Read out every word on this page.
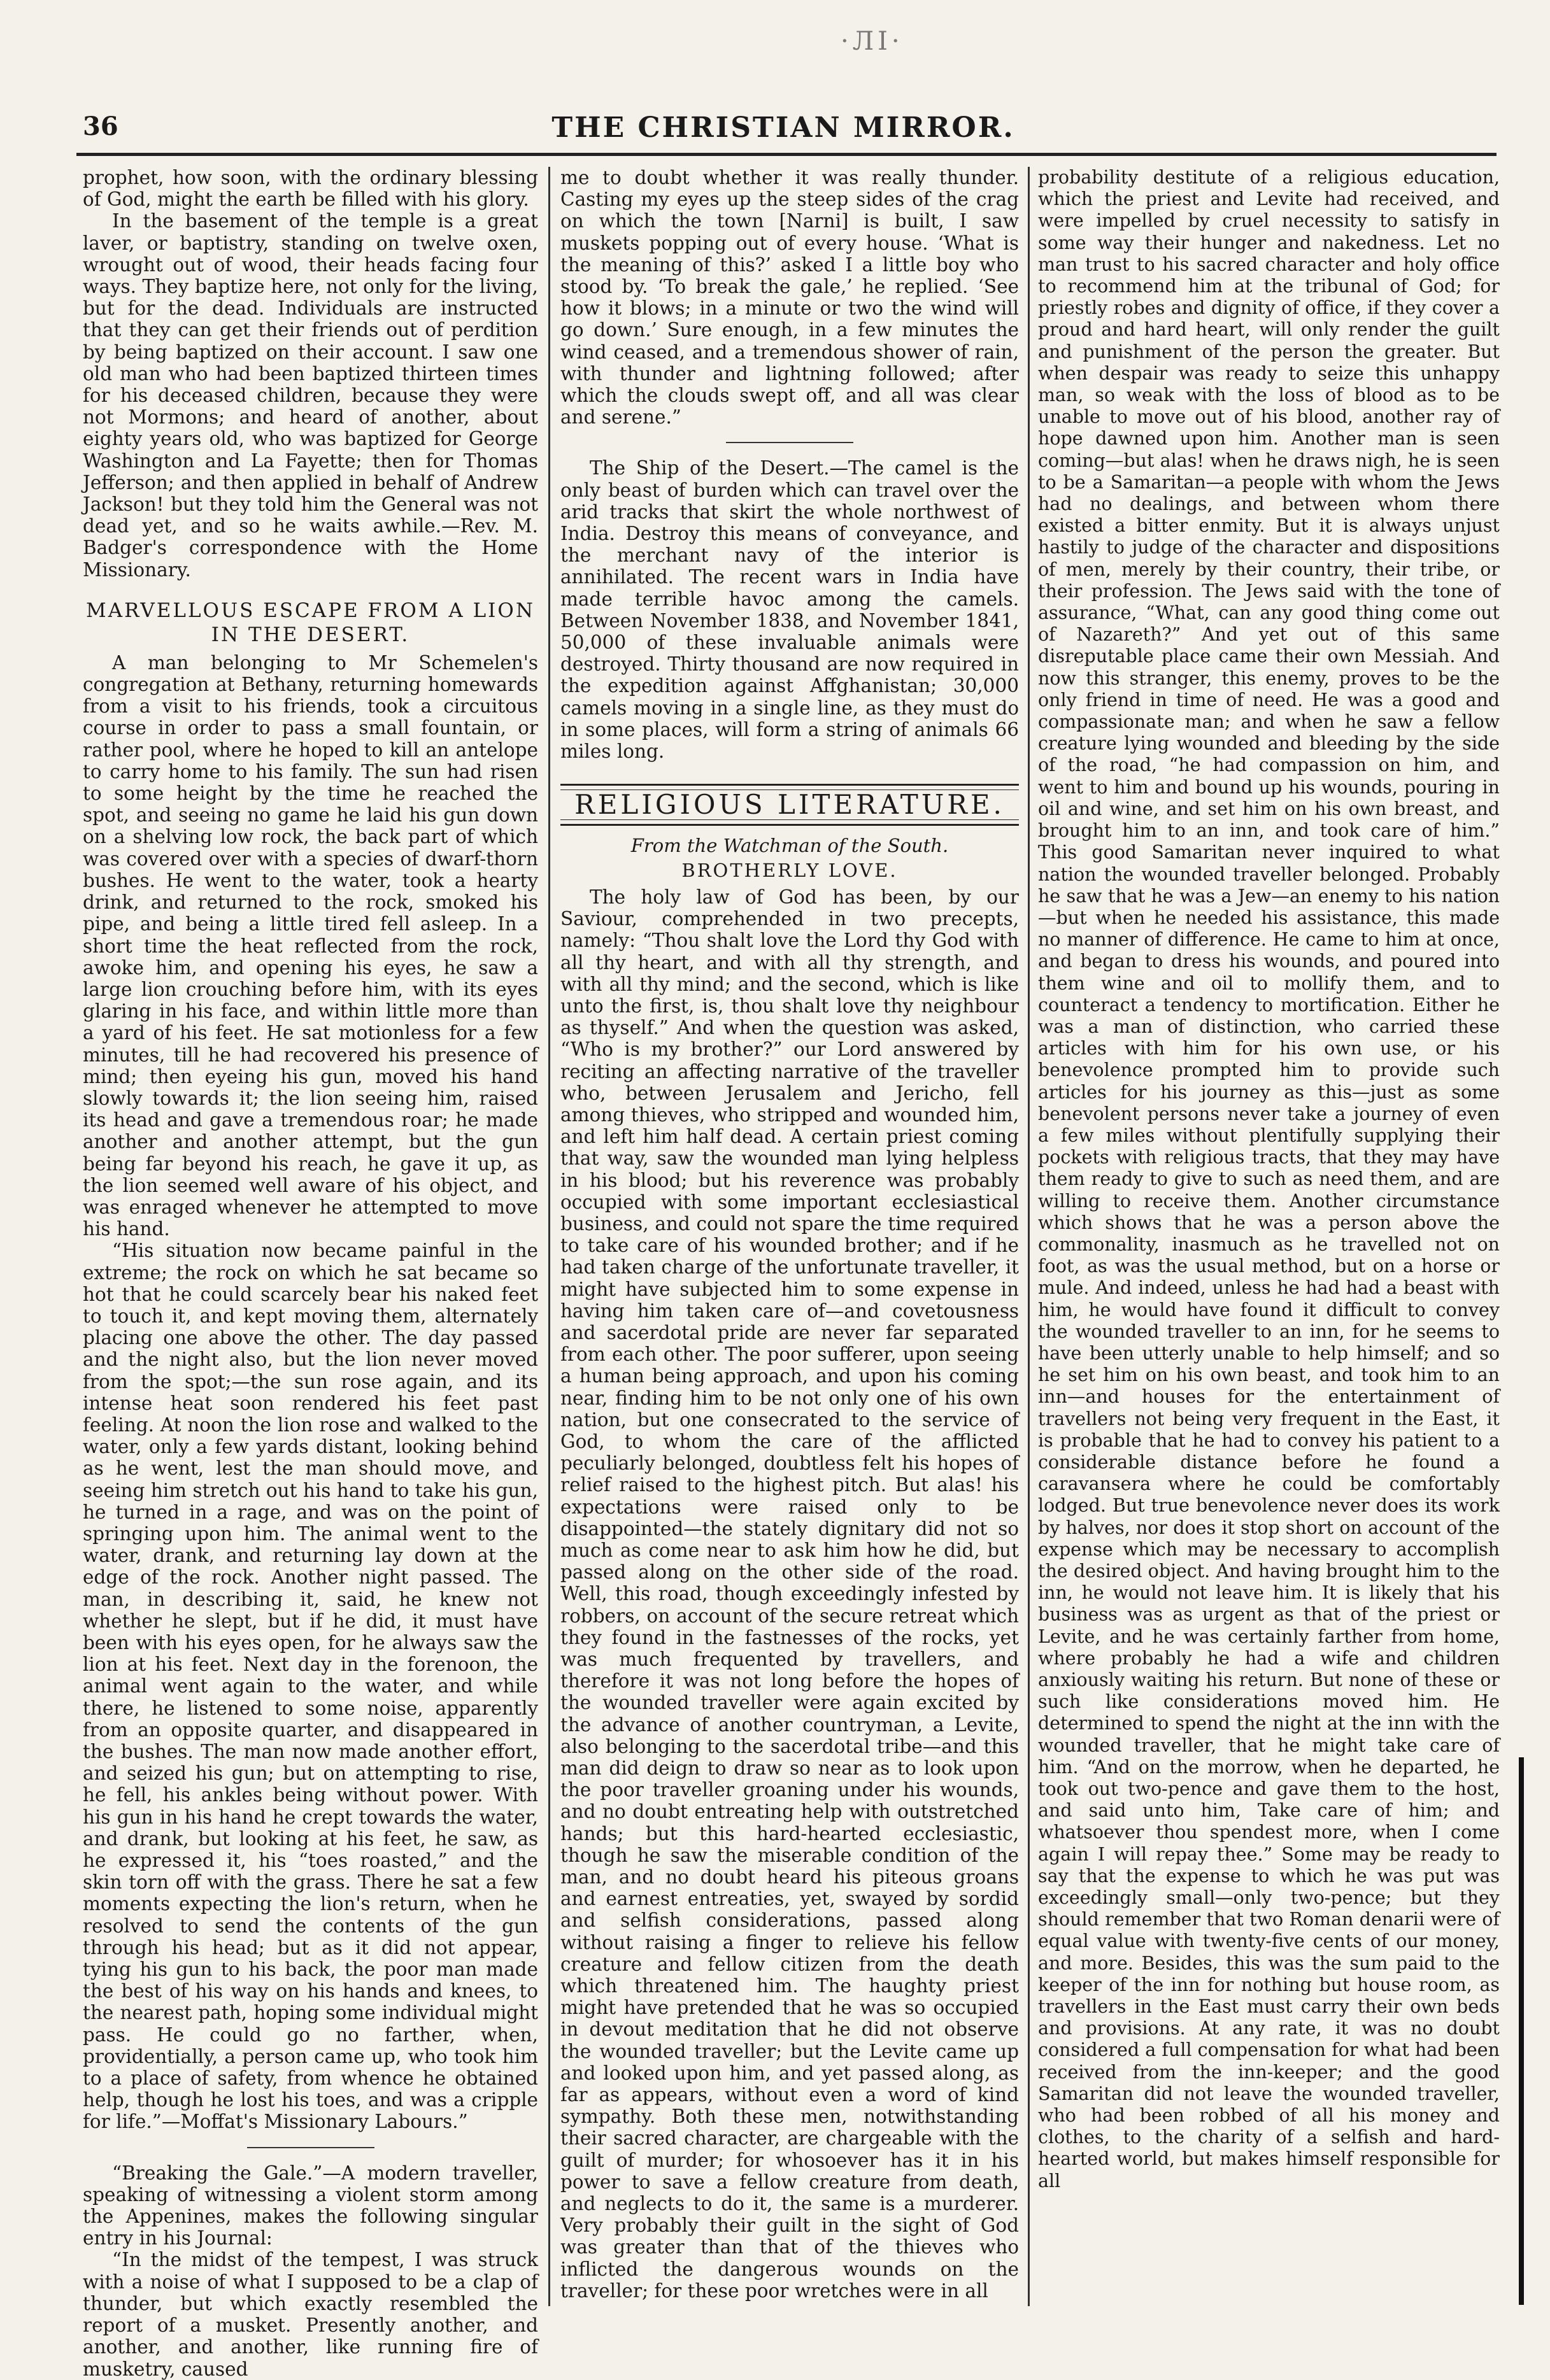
·ЛІ·
36	THE CHRISTIAN MIRROR.

prophet, how soon, with the ordinary blessing of God, might the earth be filled with his glory.

In the basement of the temple is a great laver, or baptistry, standing on twelve oxen, wrought out of wood, their heads facing four ways. They baptize here, not only for the living, but for the dead. Individuals are instructed that they can get their friends out of perdition by being baptized on their account. I saw one old man who had been baptized thirteen times for his deceased children, because they were not Mormons; and heard of another, about eighty years old, who was baptized for George Washington and La Fayette; then for Thomas Jefferson; and then applied in behalf of Andrew Jackson! but they told him the General was not dead yet, and so he waits awhile.—Rev. M. Badger's correspondence with the Home Missionary.

MARVELLOUS ESCAPE FROM A LION IN THE DESERT.

A man belonging to Mr Schemelen's congregation at Bethany, returning homewards from a visit to his friends, took a circuitous course in order to pass a small fountain, or rather pool, where he hoped to kill an antelope to carry home to his family. The sun had risen to some height by the time he reached the spot, and seeing no game he laid his gun down on a shelving low rock, the back part of which was covered over with a species of dwarf-thorn bushes. He went to the water, took a hearty drink, and returned to the rock, smoked his pipe, and being a little tired fell asleep. In a short time the heat reflected from the rock, awoke him, and opening his eyes, he saw a large lion crouching before him, with its eyes glaring in his face, and within little more than a yard of his feet. He sat motionless for a few minutes, till he had recovered his presence of mind; then eyeing his gun, moved his hand slowly towards it; the lion seeing him, raised its head and gave a tremendous roar; he made another and another attempt, but the gun being far beyond his reach, he gave it up, as the lion seemed well aware of his object, and was enraged whenever he attempted to move his hand.

“His situation now became painful in the extreme; the rock on which he sat became so hot that he could scarcely bear his naked feet to touch it, and kept moving them, alternately placing one above the other. The day passed and the night also, but the lion never moved from the spot;—the sun rose again, and its intense heat soon rendered his feet past feeling. At noon the lion rose and walked to the water, only a few yards distant, looking behind as he went, lest the man should move, and seeing him stretch out his hand to take his gun, he turned in a rage, and was on the point of springing upon him. The animal went to the water, drank, and returning lay down at the edge of the rock. Another night passed. The man, in describing it, said, he knew not whether he slept, but if he did, it must have been with his eyes open, for he always saw the lion at his feet. Next day in the forenoon, the animal went again to the water, and while there, he listened to some noise, apparently from an opposite quarter, and disappeared in the bushes. The man now made another effort, and seized his gun; but on attempting to rise, he fell, his ankles being without power. With his gun in his hand he crept towards the water, and drank, but looking at his feet, he saw, as he expressed it, his “toes roasted,” and the skin torn off with the grass. There he sat a few moments expecting the lion's return, when he resolved to send the contents of the gun through his head; but as it did not appear, tying his gun to his back, the poor man made the best of his way on his hands and knees, to the nearest path, hoping some individual might pass. He could go no farther, when, providentially, a person came up, who took him to a place of safety, from whence he obtained help, though he lost his toes, and was a cripple for life.”—Moffat's Missionary Labours.”

“Breaking the Gale.”—A modern traveller, speaking of witnessing a violent storm among the Appenines, makes the following singular entry in his Journal:

“In the midst of the tempest, I was struck with a noise of what I supposed to be a clap of thunder, but which exactly resembled the report of a musket. Presently another, and another, and another, like running fire of musketry, caused

me to doubt whether it was really thunder. Casting my eyes up the steep sides of the crag on which the town [Narni] is built, I saw muskets popping out of every house. ‘What is the meaning of this?’ asked I a little boy who stood by. ‘To break the gale,’ he replied. ‘See how it blows; in a minute or two the wind will go down.’ Sure enough, in a few minutes the wind ceased, and a tremendous shower of rain, with thunder and lightning followed; after which the clouds swept off, and all was clear and serene.”

The Ship of the Desert.—The camel is the only beast of burden which can travel over the arid tracks that skirt the whole northwest of India. Destroy this means of conveyance, and the merchant navy of the interior is annihilated. The recent wars in India have made terrible havoc among the camels. Between November 1838, and November 1841, 50,000 of these invaluable animals were destroyed. Thirty thousand are now required in the expedition against Affghanistan; 30,000 camels moving in a single line, as they must do in some places, will form a string of animals 66 miles long.

RELIGIOUS LITERATURE.
From the Watchman of the South.
BROTHERLY LOVE.

The holy law of God has been, by our Saviour, comprehended in two precepts, namely: “Thou shalt love the Lord thy God with all thy heart, and with all thy strength, and with all thy mind; and the second, which is like unto the first, is, thou shalt love thy neighbour as thyself.” And when the question was asked, “Who is my brother?” our Lord answered by reciting an affecting narrative of the traveller who, between Jerusalem and Jericho, fell among thieves, who stripped and wounded him, and left him half dead. A certain priest coming that way, saw the wounded man lying helpless in his blood; but his reverence was probably occupied with some important ecclesiastical business, and could not spare the time required to take care of his wounded brother; and if he had taken charge of the unfortunate traveller, it might have subjected him to some expense in having him taken care of—and covetousness and sacerdotal pride are never far separated from each other. The poor sufferer, upon seeing a human being approach, and upon his coming near, finding him to be not only one of his own nation, but one consecrated to the service of God, to whom the care of the afflicted peculiarly belonged, doubtless felt his hopes of relief raised to the highest pitch. But alas! his expectations were raised only to be disappointed—the stately dignitary did not so much as come near to ask him how he did, but passed along on the other side of the road. Well, this road, though exceedingly infested by robbers, on account of the secure retreat which they found in the fastnesses of the rocks, yet was much frequented by travellers, and therefore it was not long before the hopes of the wounded traveller were again excited by the advance of another countryman, a Levite, also belonging to the sacerdotal tribe—and this man did deign to draw so near as to look upon the poor traveller groaning under his wounds, and no doubt entreating help with outstretched hands; but this hard-hearted ecclesiastic, though he saw the miserable condition of the man, and no doubt heard his piteous groans and earnest entreaties, yet, swayed by sordid and selfish considerations, passed along without raising a finger to relieve his fellow creature and fellow citizen from the death which threatened him. The haughty priest might have pretended that he was so occupied in devout meditation that he did not observe the wounded traveller; but the Levite came up and looked upon him, and yet passed along, as far as appears, without even a word of kind sympathy. Both these men, notwithstanding their sacred character, are chargeable with the guilt of murder; for whosoever has it in his power to save a fellow creature from death, and neglects to do it, the same is a murderer. Very probably their guilt in the sight of God was greater than that of the thieves who inflicted the dangerous wounds on the traveller; for these poor wretches were in all

probability destitute of a religious education, which the priest and Levite had received, and were impelled by cruel necessity to satisfy in some way their hunger and nakedness. Let no man trust to his sacred character and holy office to recommend him at the tribunal of God; for priestly robes and dignity of office, if they cover a proud and hard heart, will only render the guilt and punishment of the person the greater. But when despair was ready to seize this unhappy man, so weak with the loss of blood as to be unable to move out of his blood, another ray of hope dawned upon him. Another man is seen coming—but alas! when he draws nigh, he is seen to be a Samaritan—a people with whom the Jews had no dealings, and between whom there existed a bitter enmity. But it is always unjust hastily to judge of the character and dispositions of men, merely by their country, their tribe, or their profession. The Jews said with the tone of assurance, “What, can any good thing come out of Nazareth?” And yet out of this same disreputable place came their own Messiah. And now this stranger, this enemy, proves to be the only friend in time of need. He was a good and compassionate man; and when he saw a fellow creature lying wounded and bleeding by the side of the road, “he had compassion on him, and went to him and bound up his wounds, pouring in oil and wine, and set him on his own breast, and brought him to an inn, and took care of him.” This good Samaritan never inquired to what nation the wounded traveller belonged. Probably he saw that he was a Jew—an enemy to his nation—but when he needed his assistance, this made no manner of difference. He came to him at once, and began to dress his wounds, and poured into them wine and oil to mollify them, and to counteract a tendency to mortification. Either he was a man of distinction, who carried these articles with him for his own use, or his benevolence prompted him to provide such articles for his journey as this—just as some benevolent persons never take a journey of even a few miles without plentifully supplying their pockets with religious tracts, that they may have them ready to give to such as need them, and are willing to receive them. Another circumstance which shows that he was a person above the commonality, inasmuch as he travelled not on foot, as was the usual method, but on a horse or mule. And indeed, unless he had had a beast with him, he would have found it difficult to convey the wounded traveller to an inn, for he seems to have been utterly unable to help himself; and so he set him on his own beast, and took him to an inn—and houses for the entertainment of travellers not being very frequent in the East, it is probable that he had to convey his patient to a considerable distance before he found a caravansera where he could be comfortably lodged. But true benevolence never does its work by halves, nor does it stop short on account of the expense which may be necessary to accomplish the desired object. And having brought him to the inn, he would not leave him. It is likely that his business was as urgent as that of the priest or Levite, and he was certainly farther from home, where probably he had a wife and children anxiously waiting his return. But none of these or such like considerations moved him. He determined to spend the night at the inn with the wounded traveller, that he might take care of him. “And on the morrow, when he departed, he took out two-pence and gave them to the host, and said unto him, Take care of him; and whatsoever thou spendest more, when I come again I will repay thee.” Some may be ready to say that the expense to which he was put was exceedingly small—only two-pence; but they should remember that two Roman denarii were of equal value with twenty-five cents of our money, and more. Besides, this was the sum paid to the keeper of the inn for nothing but house room, as travellers in the East must carry their own beds and provisions. At any rate, it was no doubt considered a full compensation for what had been received from the inn-keeper; and the good Samaritan did not leave the wounded traveller, who had been robbed of all his money and clothes, to the charity of a selfish and hard-hearted world, but makes himself responsible for all
